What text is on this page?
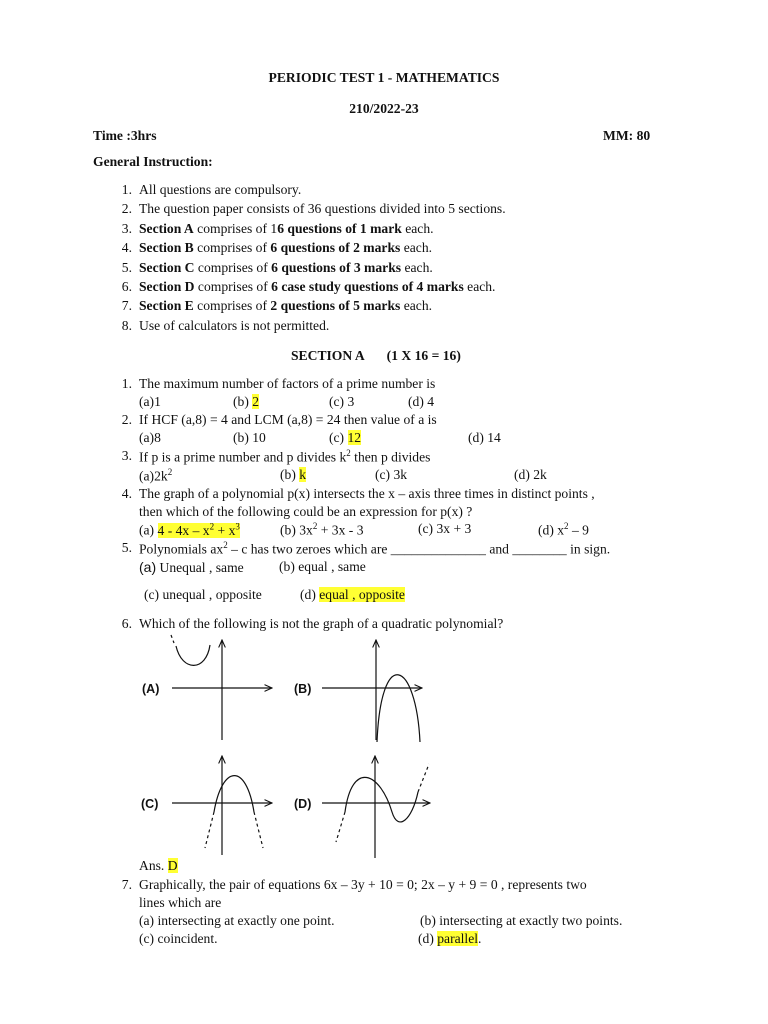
PERIODIC TEST 1 - MATHEMATICS
210/2022-23
Time :3hrs	MM: 80
General Instruction:
1. All questions are compulsory.
2. The question paper consists of 36 questions divided into 5 sections.
3. Section A comprises of 16 questions of 1 mark each.
4. Section B comprises of 6 questions of 2 marks each.
5. Section C comprises of 6 questions of 3 marks each.
6. Section D comprises of 6 case study questions of 4 marks each.
7. Section E comprises of 2 questions of 5 marks each.
8. Use of calculators is not permitted.
SECTION A (1 X 16 = 16)
1. The maximum number of factors of a prime number is
(a)1	(b) 2	(c) 3	(d) 4
2. If HCF (a,8) = 4 and LCM (a,8) = 24 then value of a is
(a)8	(b) 10	(c) 12	(d) 14
3. If p is a prime number and p divides $k^2$ then p divides
$(a)2k^2$	(b) k	(c) 3k	(d) 2k
4. The graph of a polynomial p(x) intersects the x – axis three times in distinct points ,
then which of the following could be an expression for p(x) ?
(a) $4 - 4x - x^2 + x^3$	(b) $3x^2 + 3x - 3$	(c) 3x + 3	(d) $x^2 - 9$
5. Polynomials $ax^2$ – c has two zeroes which are ______________ and ________ in sign.
(a) Unequal , same	(b) equal , same
(c) unequal , opposite	(d) equal , opposite
6. Which of the following is not the graph of a quadratic polynomial?
(A)	(B)
(C)	(D)
Ans. D
7. Graphically, the pair of equations 6x – 3y + 10 = 0; 2x – y + 9 = 0 , represents two
lines which are
(a) intersecting at exactly one point.	(b) intersecting at exactly two points.
(c) coincident.	(d) parallel.
